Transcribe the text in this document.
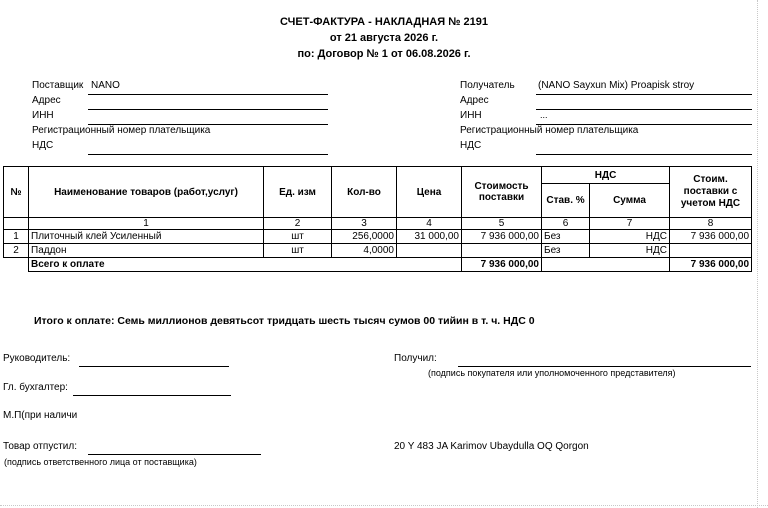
СЧЕТ-ФАКТУРА - НАКЛАДНАЯ № 2191
от 21 августа 2026 г.
по: Договор № 1 от 06.08.2026 г.
Поставщик NANO
Адрес
ИНН
Регистрационный номер плательщика
НДС
Получатель (NANO Sayxun Mix) Proapisk stroy
Адрес
ИНН	...
Регистрационный номер плательщика
НДС
№	Наименование товаров (работ,услуг)	Ед. изм	Кол-во	Цена	Стоимость поставки	НДС		Стоим. поставки с учетом НДС
						Став. %	Сумма	
	1	2	3	4	5	6	7	8
1	Плиточный клей Усиленный	шт	256,0000	31 000,00	7 936 000,00	Без	НДС	7 936 000,00
2	Паддон	шт	4,0000			Без	НДС	
	Всего к оплате				7 936 000,00			7 936 000,00
Итого к оплате: Семь миллионов девятьсот тридцать шесть тысяч сумов 00 тийин в т. ч. НДС 0
Руководитель:	Получил:
(подпись покупателя или уполномоченного представителя)
Гл. бухгалтер:
М.П(при наличи
Товар отпустил:
(подпись ответственного лица от поставщика)
20 Y 483 JA Karimov Ubaydulla OQ Qorgon
